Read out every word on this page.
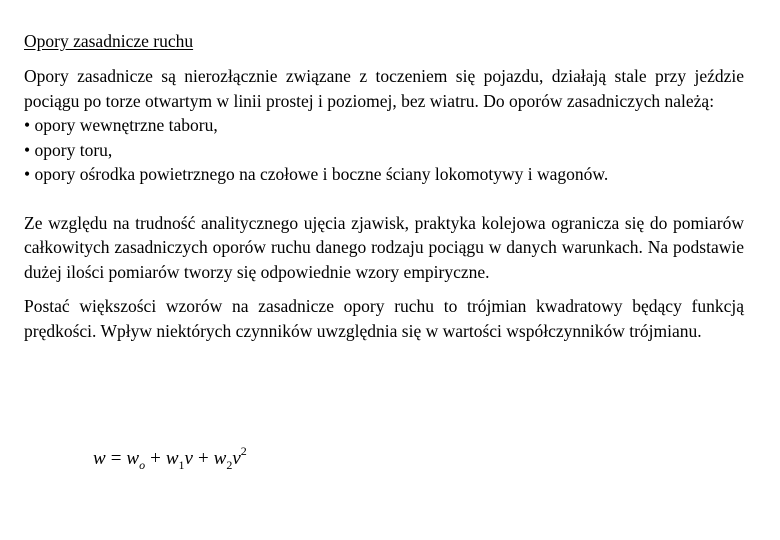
Opory zasadnicze ruchu

Opory zasadnicze są nierozłącznie związane z toczeniem się pojazdu, działają stale przy jeździe pociągu po torze otwartym w linii prostej i poziomej, bez wiatru. Do oporów zasadniczych należą:

• opory wewnętrzne taboru,
• opory toru,
• opory ośrodka powietrznego na czołowe i boczne ściany lokomotywy i wagonów.

Ze względu na trudność analitycznego ujęcia zjawisk, praktyka kolejowa ogranicza się do pomiarów całkowitych zasadniczych oporów ruchu danego rodzaju pociągu w danych warunkach. Na podstawie dużej ilości pomiarów tworzy się odpowiednie wzory empiryczne.

Postać większości wzorów na zasadnicze opory ruchu to trójmian kwadratowy będący funkcją prędkości. Wpływ niektórych czynników uwzględnia się w wartości współczynników trójmianu.

$w = w_o + w_1v + w_2v^2$
